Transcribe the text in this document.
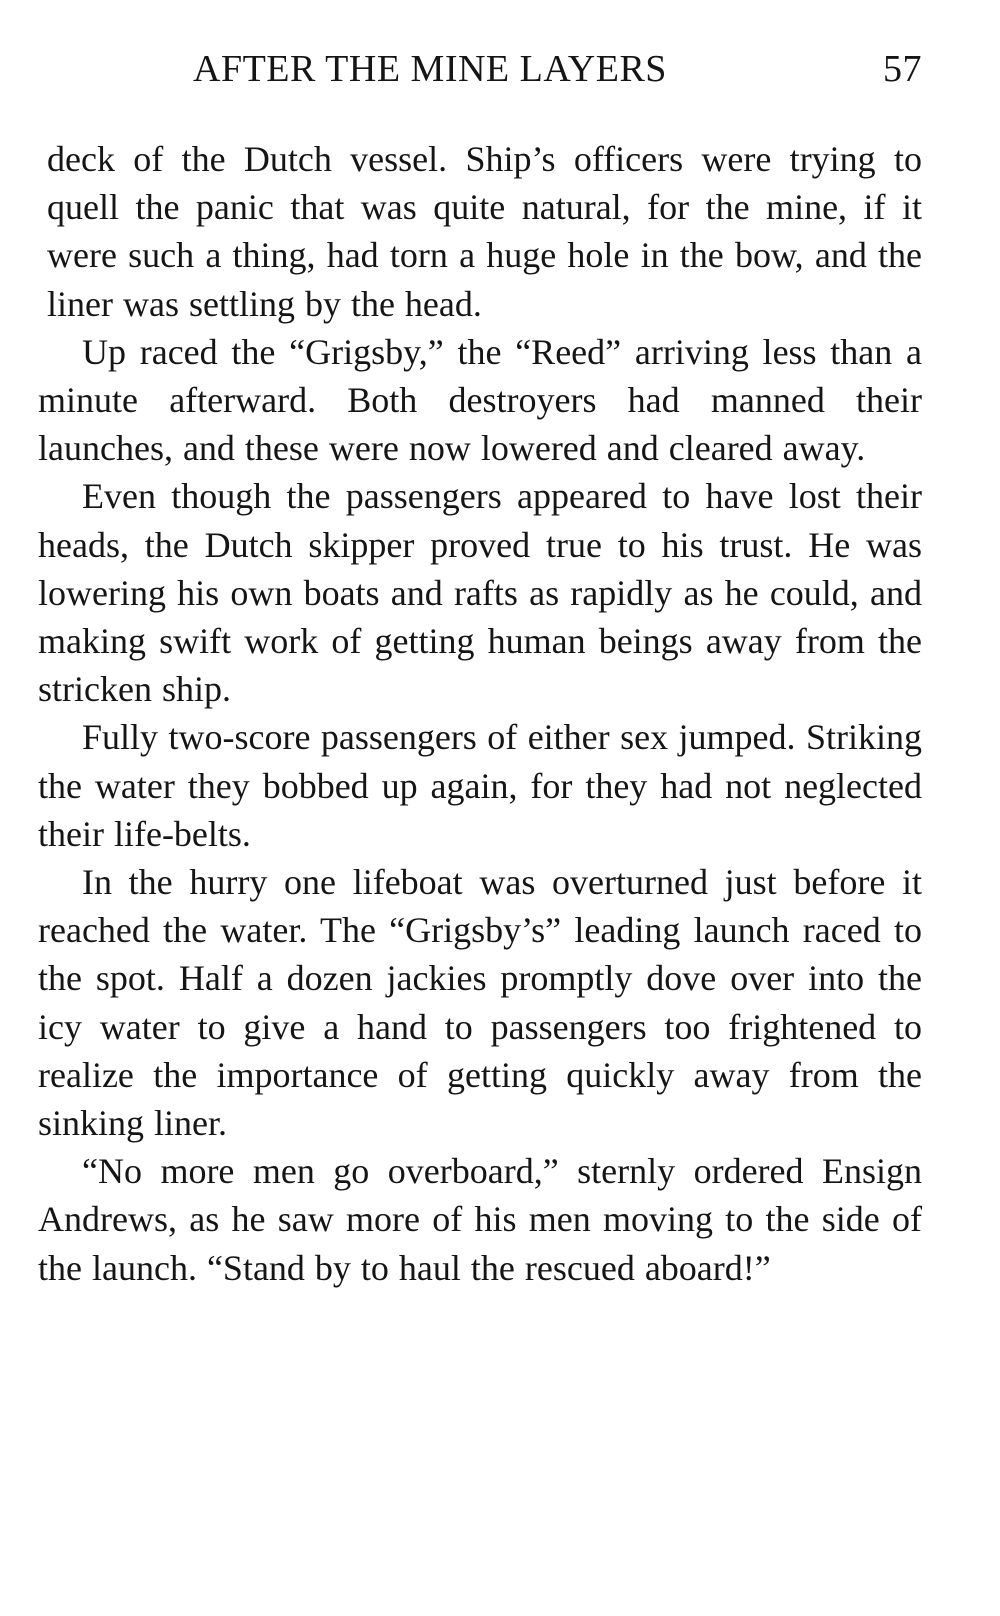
AFTER THE MINE LAYERS	57

deck of the Dutch vessel. Ship’s officers were trying to quell the panic that was quite natural, for the mine, if it were such a thing, had torn a huge hole in the bow, and the liner was settling by the head.

Up raced the “Grigsby,” the “Reed” arriving less than a minute afterward. Both destroyers had manned their launches, and these were now lowered and cleared away.

Even though the passengers appeared to have lost their heads, the Dutch skipper proved true to his trust. He was lowering his own boats and rafts as rapidly as he could, and making swift work of getting human beings away from the stricken ship.

Fully two-score passengers of either sex jumped. Striking the water they bobbed up again, for they had not neglected their life-belts.

In the hurry one lifeboat was overturned just before it reached the water. The “Grigsby’s” leading launch raced to the spot. Half a dozen jackies promptly dove over into the icy water to give a hand to passengers too frightened to realize the importance of getting quickly away from the sinking liner.

“No more men go overboard,” sternly ordered Ensign Andrews, as he saw more of his men moving to the side of the launch. “Stand by to haul the rescued aboard!”
